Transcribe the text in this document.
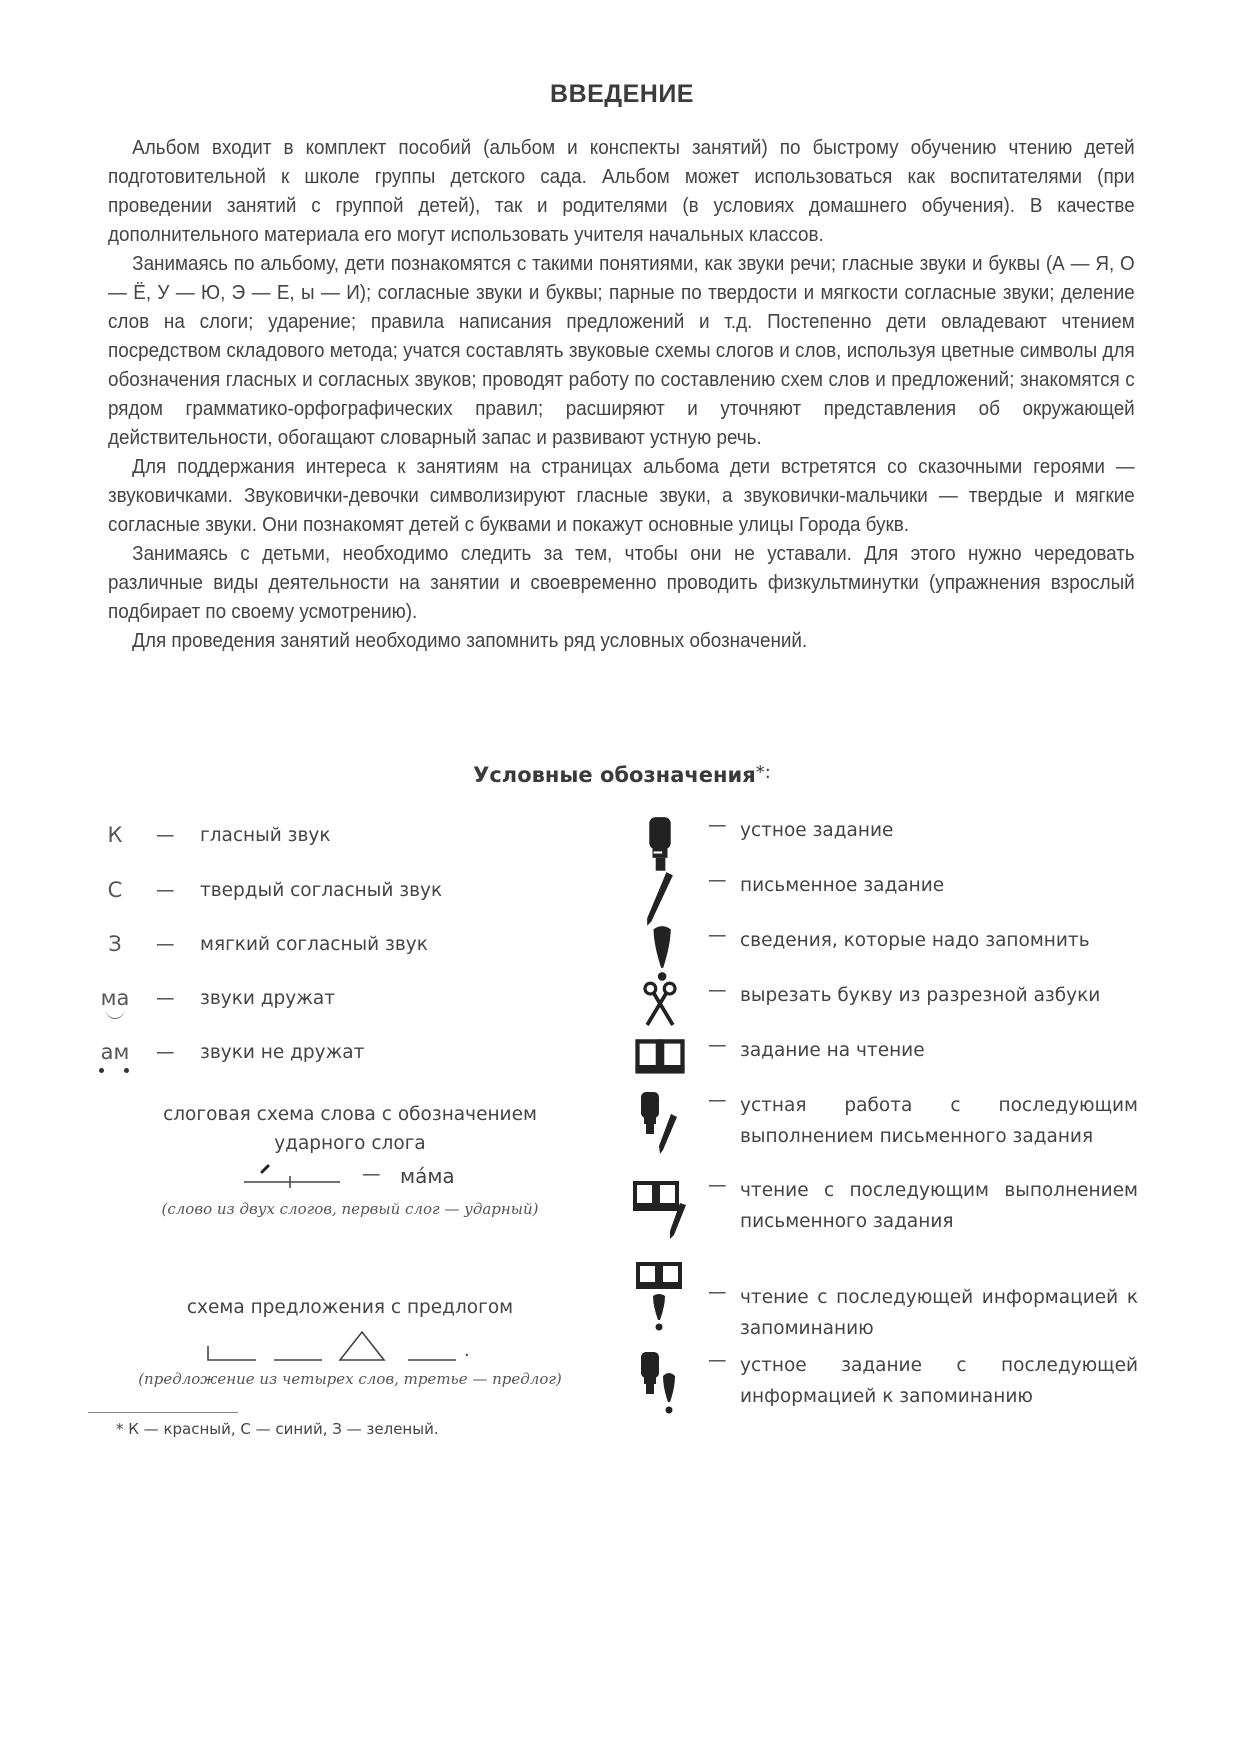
ВВЕДЕНИЕ

Альбом входит в комплект пособий (альбом и конспекты занятий) по быстрому обучению чтению детей подготовительной к школе группы детского сада. Альбом может использоваться как воспитателями (при проведении занятий с группой детей), так и родителями (в условиях домашнего обучения). В качестве дополнительного материала его могут использовать учителя начальных классов.

Занимаясь по альбому, дети познакомятся с такими понятиями, как звуки речи; гласные звуки и буквы (А — Я, О — Ё, У — Ю, Э — Е, ы — И); согласные звуки и буквы; парные по твердости и мягкости согласные звуки; деление слов на слоги; ударение; правила написания предложений и т.д. Постепенно дети овладевают чтением посредством складового метода; учатся составлять звуковые схемы слогов и слов, используя цветные символы для обозначения гласных и согласных звуков; проводят работу по составлению схем слов и предложений; знакомятся с рядом грамматико-орфографических правил; расширяют и уточняют представления об окружающей действительности, обогащают словарный запас и развивают устную речь.

Для поддержания интереса к занятиям на страницах альбома дети встретятся со сказочными героями — звуковичками. Звуковички-девочки символизируют гласные звуки, а звуковички-мальчики — твердые и мягкие согласные звуки. Они познакомят детей с буквами и покажут основные улицы Города букв.

Занимаясь с детьми, необходимо следить за тем, чтобы они не уставали. Для этого нужно чередовать различные виды деятельности на занятии и своевременно проводить физкультминутки (упражнения взрослый подбирает по своему усмотрению).

Для проведения занятий необходимо запомнить ряд условных обозначений.

Условные обозначения*:
К	—	гласный звук
С	—	твердый согласный звук
З	—	мягкий согласный звук
ма	—	звуки дружат
ам	—	звуки не дружат
слоговая схема слова с обозначением
ударного слога
— ма́ма
(слово из двух слогов, первый слог — ударный)
схема предложения с предлогом
.
(предложение из четырех слов, третье — предлог)
* К — красный, С — синий, З — зеленый.
— устное задание
— письменное задание
— сведения, которые надо запомнить
— вырезать букву из разрезной азбуки
— задание на чтение
— устная работа с последующим выполнением письменного задания
— чтение с последующим выполнением письменного задания
— чтение с последующей информацией к запоминанию
— устное задание с последующей информацией к запоминанию
